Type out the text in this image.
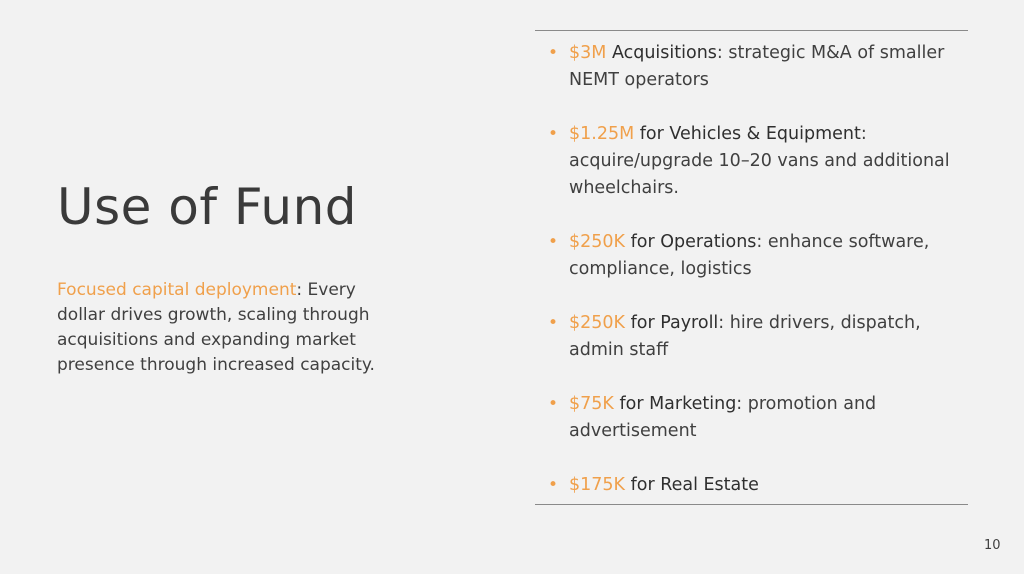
Use of Fund

Focused capital deployment: Every dollar drives growth, scaling through acquisitions and expanding market presence through increased capacity.

• $3M Acquisitions: strategic M&A of smaller NEMT operators
• $1.25M for Vehicles & Equipment: acquire/upgrade 10–20 vans and additional wheelchairs.
• $250K for Operations: enhance software, compliance, logistics
• $250K for Payroll: hire drivers, dispatch, admin staff
• $75K for Marketing: promotion and advertisement
• $175K for Real Estate
10
